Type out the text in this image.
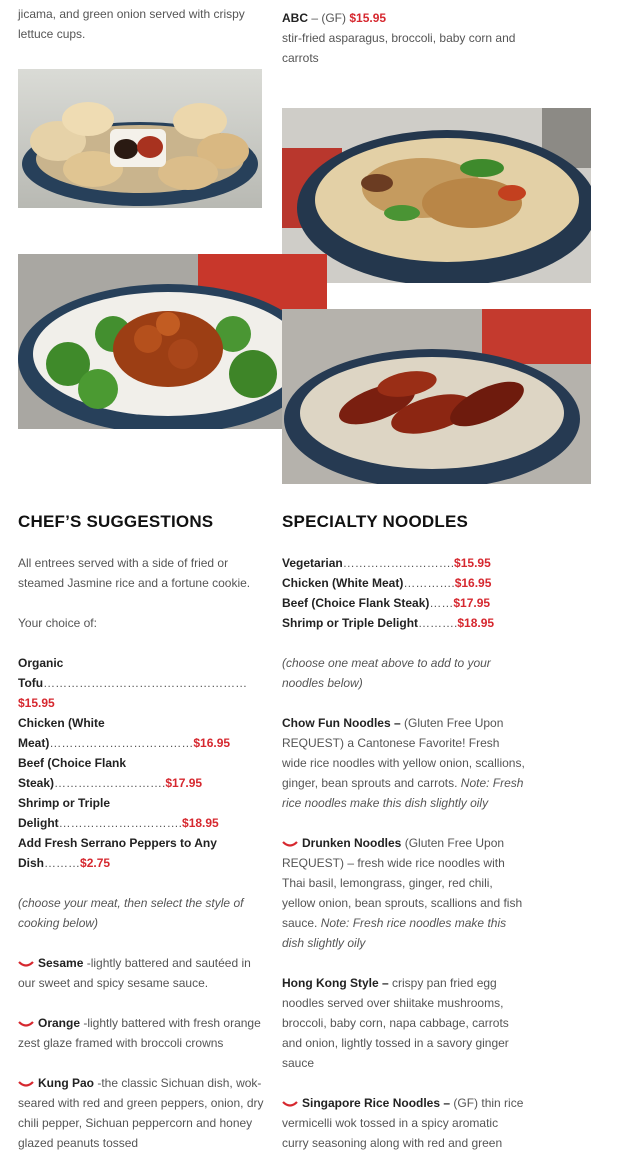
jicama, and green onion served with crispy lettuce cups.

ABC – (GF) $15.95

stir-fried asparagus, broccoli, baby corn and carrots

CHEF’S SUGGESTIONS

All entrees served with a side of fried or steamed Jasmine rice and a fortune cookie.

Your choice of:

Organic

Tofu……………………………………………$15.95

Chicken (White

Meat)………………………………$16.95

Beef (Choice Flank

Steak)……………………….$17.95

Shrimp or Triple

Delight………………………….$18.95

Add Fresh Serrano Peppers to Any

Dish………$2.75

(choose your meat, then select the style of cooking below)

Sesame -lightly battered and sautéed in our sweet and spicy sesame sauce.

Orange -lightly battered with fresh orange zest glaze framed with broccoli crowns

Kung Pao -the classic Sichuan dish, wok-seared with red and green peppers, onion, dry chili pepper, Sichuan peppercorn and honey glazed peanuts tossed

SPECIALTY NOODLES

Vegetarian……………………….$15.95

Chicken (White Meat)………….$16.95

Beef (Choice Flank Steak)……$17.95

Shrimp or Triple Delight……….$18.95

(choose one meat above to add to your noodles below)

Chow Fun Noodles – (Gluten Free Upon REQUEST) a Cantonese Favorite! Fresh wide rice noodles with yellow onion, scallions, ginger, bean sprouts and carrots. Note: Fresh rice noodles make this dish slightly oily

Drunken Noodles (Gluten Free Upon REQUEST) – fresh wide rice noodles with Thai basil, lemongrass, ginger, red chili, yellow onion, bean sprouts, scallions and fish sauce. Note: Fresh rice noodles make this dish slightly oily

Hong Kong Style – crispy pan fried egg noodles served over shiitake mushrooms, broccoli, baby corn, napa cabbage, carrots and onion, lightly tossed in a savory ginger sauce

Singapore Rice Noodles – (GF) thin rice vermicelli wok tossed in a spicy aromatic curry seasoning along with red and green
